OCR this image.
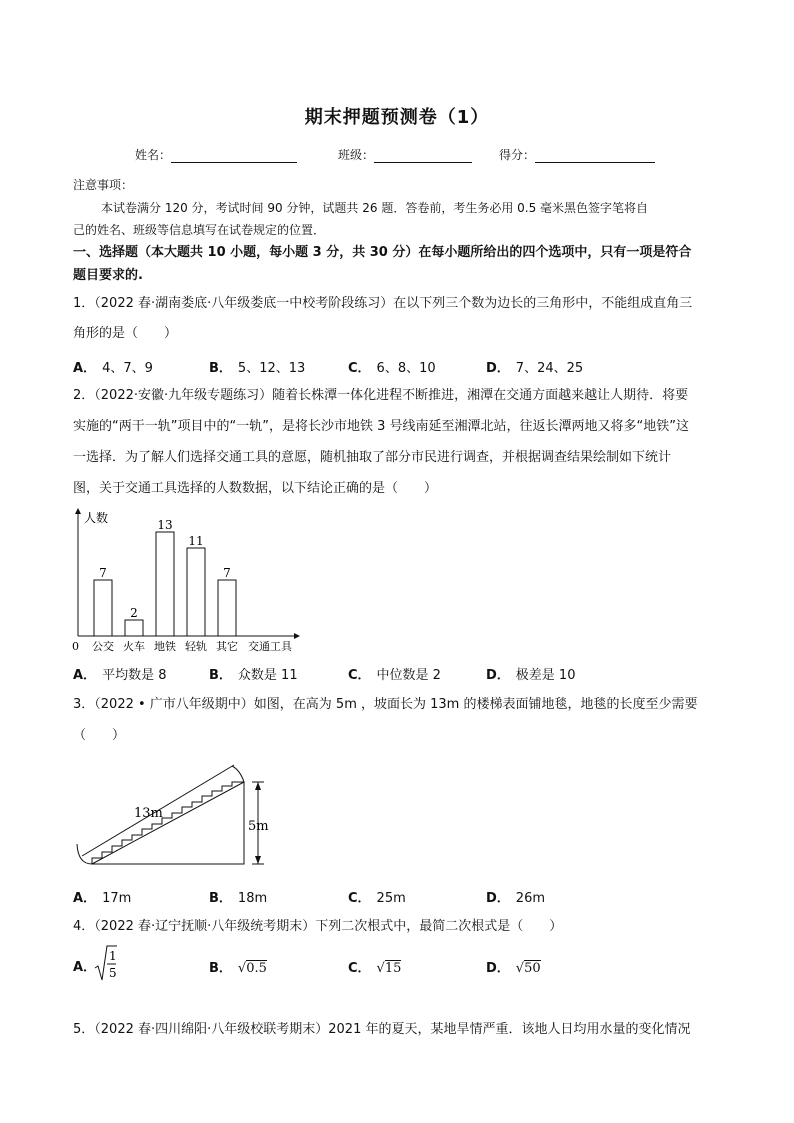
期末押题预测卷（1）
姓名：	班级：	得分：
注意事项：
本试卷满分 120 分，考试时间 90 分钟，试题共 26 题．答卷前，考生务必用 0.5 毫米黑色签字笔将自
己的姓名、班级等信息填写在试卷规定的位置．
一、选择题（本大题共 10 小题，每小题 3 分，共 30 分）在每小题所给出的四个选项中，只有一项是符合
题目要求的.
1．（2022 春·湖南娄底·八年级娄底一中校考阶段练习）在以下列三个数为边长的三角形中，不能组成直角三
角形的是（　　）
A． 4、7、9	B． 5、12、13	C． 6、8、10	D． 7、24、25
2．（2022·安徽·九年级专题练习）随着长株潭一体化进程不断推进，湘潭在交通方面越来越让人期待．将要
实施的“两干一轨”项目中的“一轨”，是将长沙市地铁 3 号线南延至湘潭北站，往返长潭两地又将多“地铁”这
一选择．为了解人们选择交通工具的意愿，随机抽取了部分市民进行调查，并根据调查结果绘制如下统计
图，关于交通工具选择的人数数据，以下结论正确的是（　　）
7
公交
2
火车
13
地铁
11
轻轨
7
其它
人数
0	交通工具
A． 平均数是 8	B． 众数是 11	C． 中位数是 2	D． 极差是 10
3．（2022 • 广市八年级期中）如图，在高为 5m ，坡面长为 13m 的楼梯表面铺地毯，地毯的长度至少需要
（　　）
13m
5m
A． 17m	B． 18m	C． 25m	D． 26m
4．（2022 春·辽宁抚顺·八年级统考期末）下列二次根式中，最简二次根式是（　　）
A．
1
5	B． √0.5	C． √15	D． √50
5．（2022 春·四川绵阳·八年级校联考期末）2021 年的夏天，某地旱情严重．该地人日均用水量的变化情况
